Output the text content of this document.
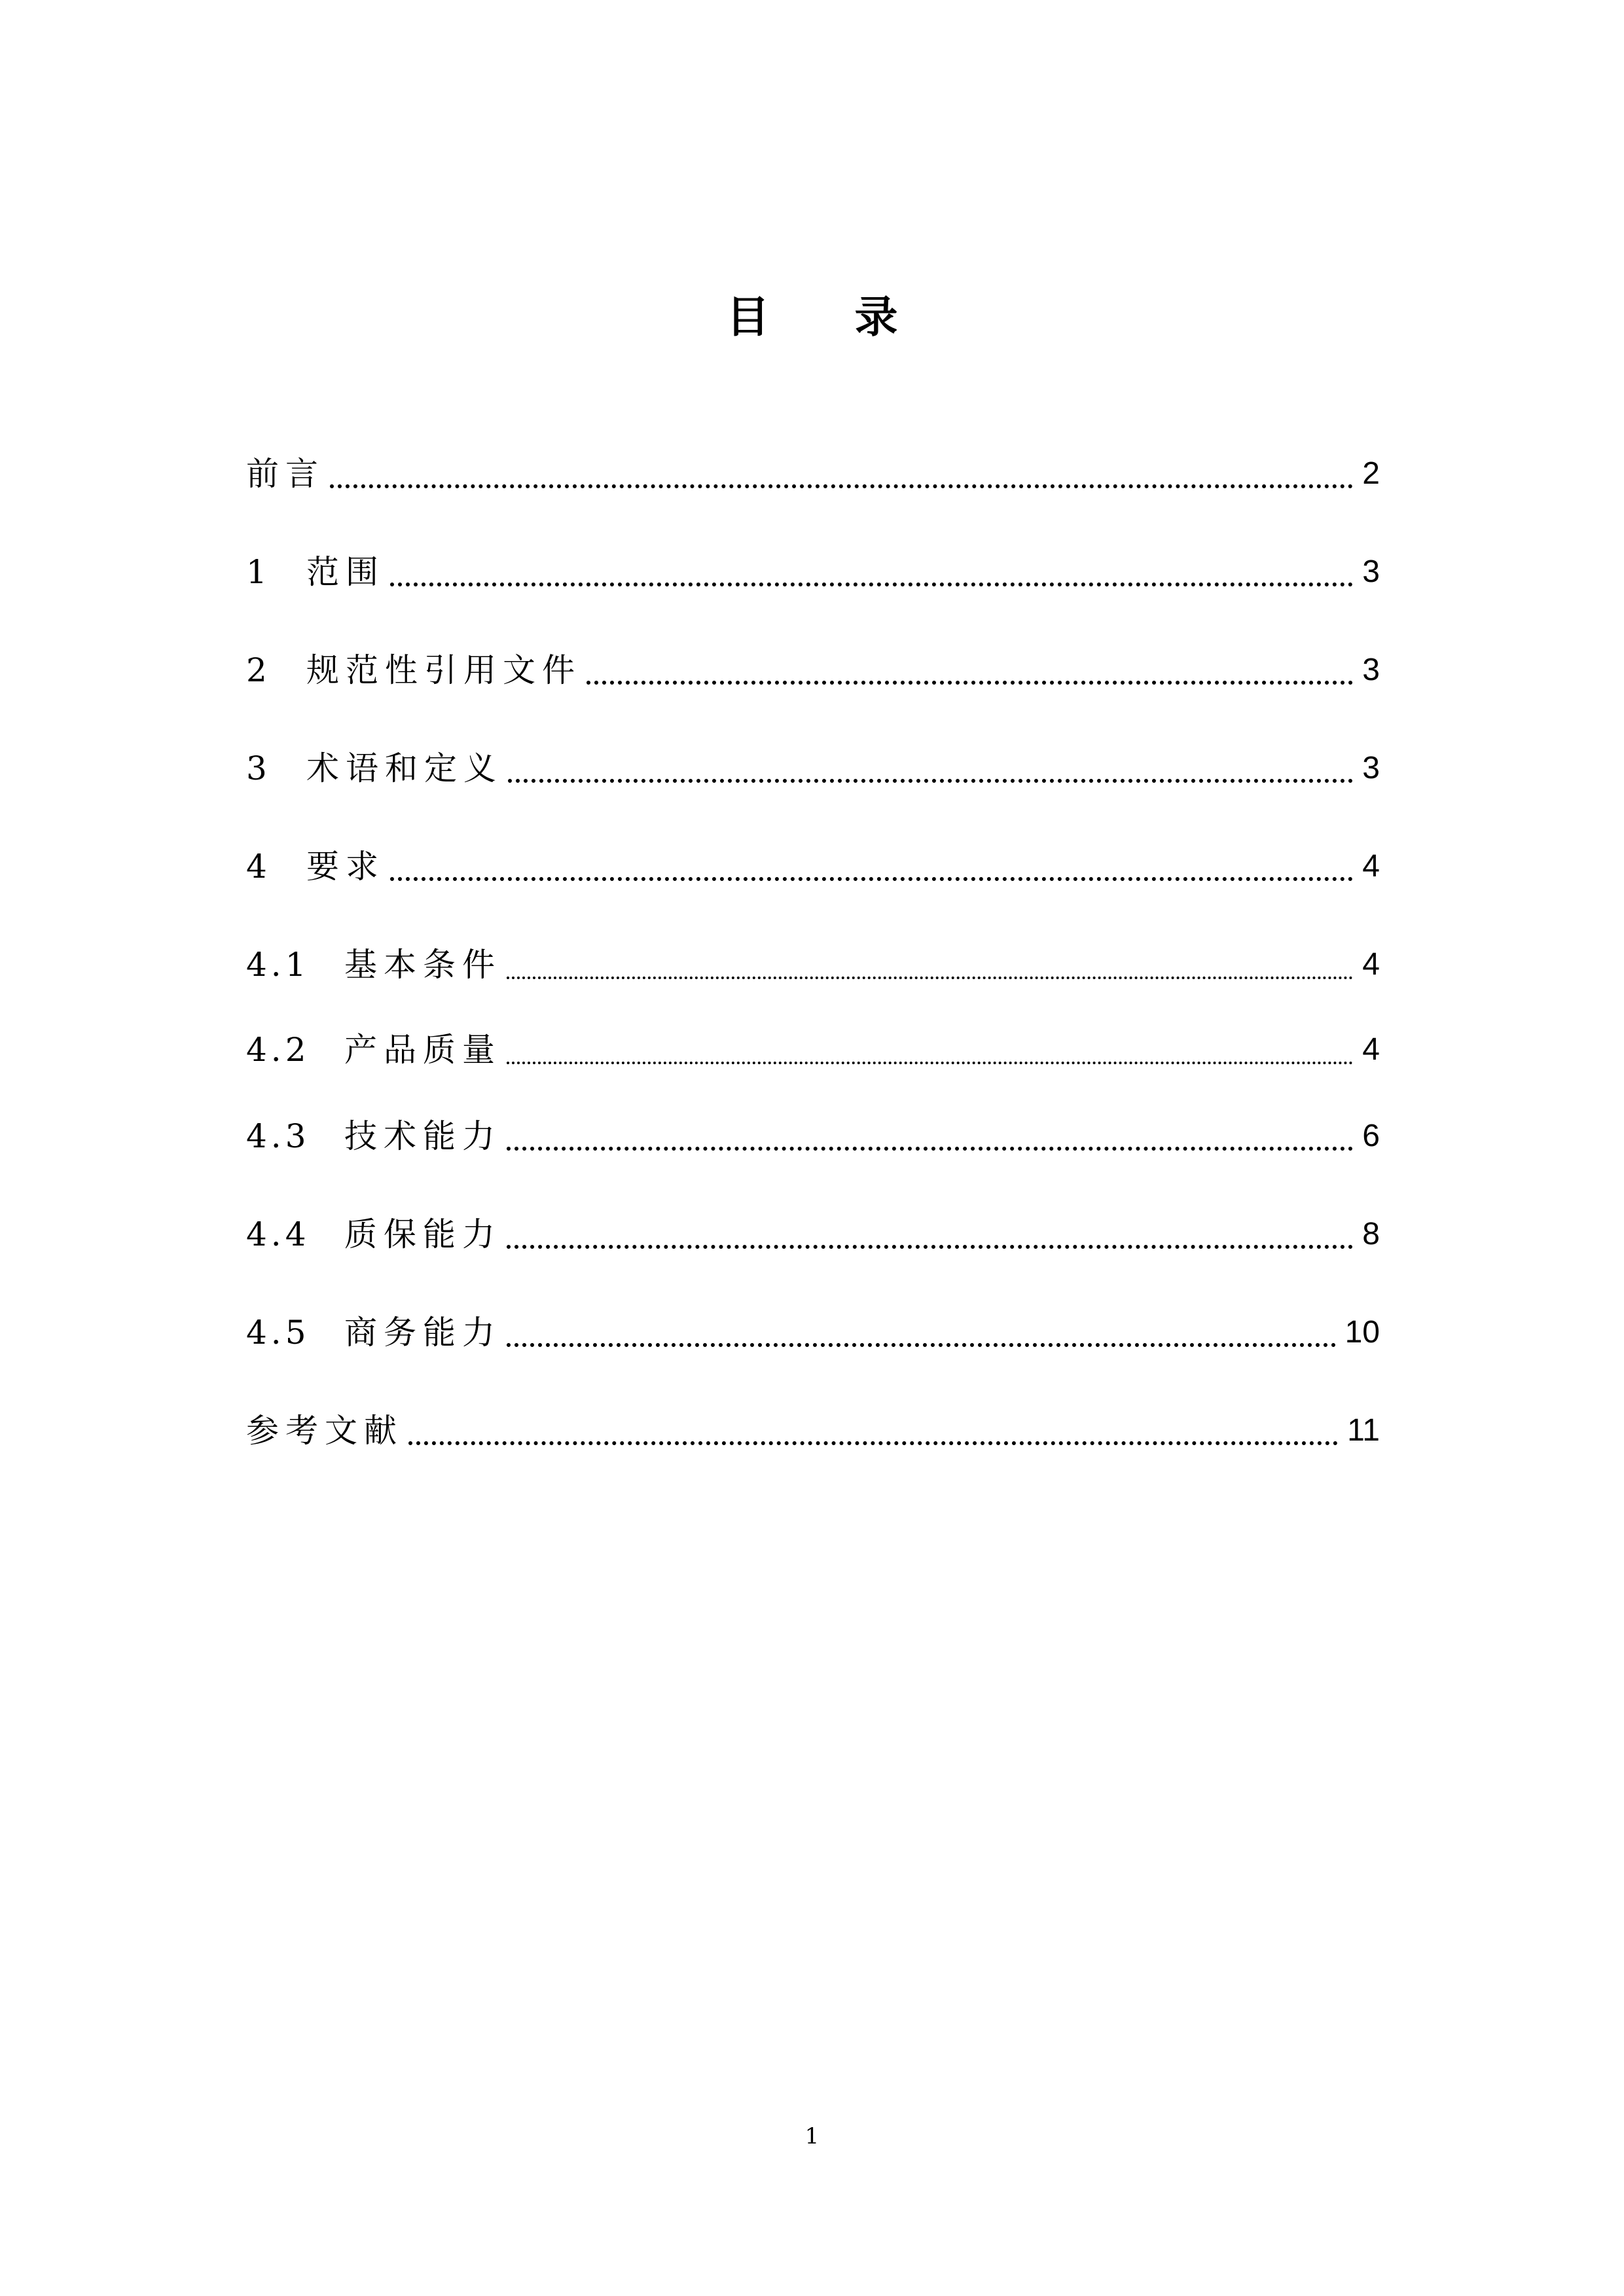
目录
前言	2
1	范围	3
2	规范性引用文件	3
3	术语和定义	3
4	要求	4
4.1	基本条件	4
4.2	产品质量	4
4.3	技术能力	6
4.4	质保能力	8
4.5	商务能力	10
参考文献	11

1
